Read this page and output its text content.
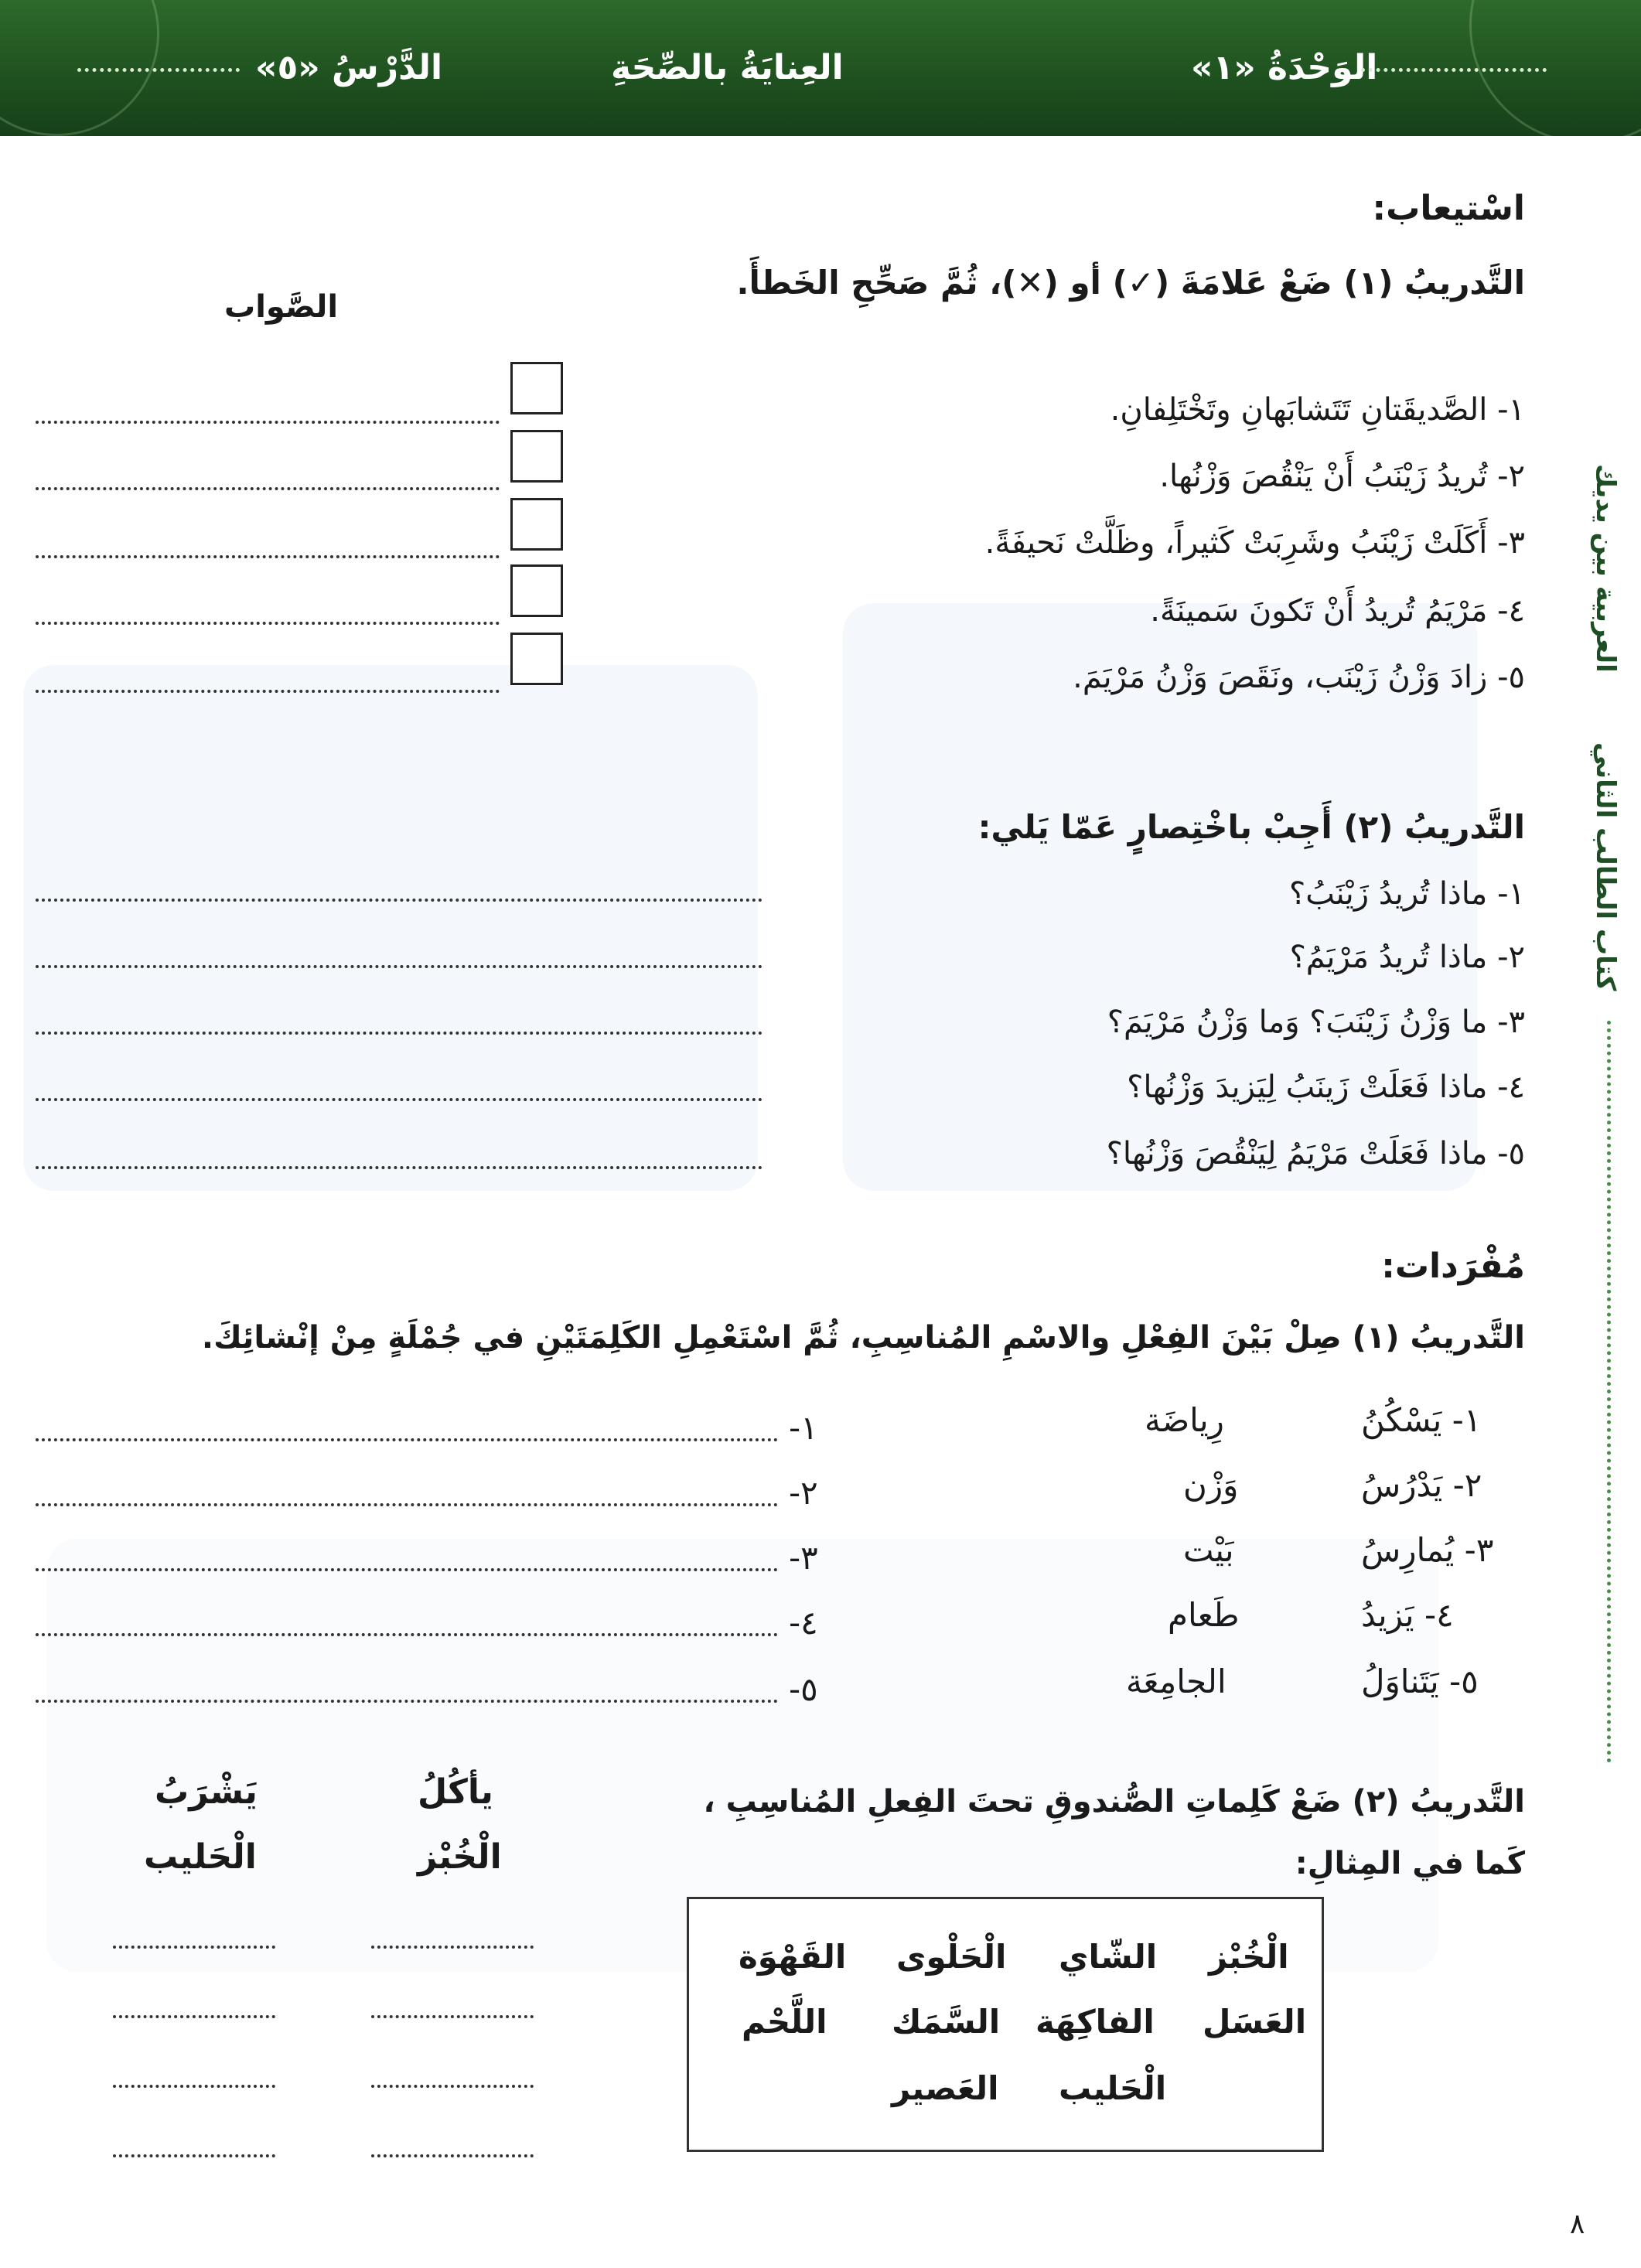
الدَّرْسُ «٥»	العِنايَةُ بالصِّحَةِ	الوَحْدَةُ «١»
العربية بين يديك
كتاب الطالب الثاني
اسْتيعاب:
التَّدريبُ (١) ضَعْ عَلامَةَ (✓) أو (✕)، ثُمَّ صَحِّحِ الخَطأَ.
الصَّواب
١- الصَّديقَتانِ تَتَشابَهانِ وتَخْتَلِفانِ.
٢- تُريدُ زَيْنَبُ أَنْ يَنْقُصَ وَزْنُها.
٣- أَكَلَتْ زَيْنَبُ وشَرِبَتْ كَثيراً، وظَلَّتْ نَحيفَةً.
٤- مَرْيَمُ تُريدُ أَنْ تَكونَ سَمينَةً.
٥- زادَ وَزْنُ زَيْنَب، ونَقَصَ وَزْنُ مَرْيَمَ.
التَّدريبُ (٢) أَجِبْ باخْتِصارٍ عَمّا يَلي:
١- ماذا تُريدُ زَيْنَبُ؟
٢- ماذا تُريدُ مَرْيَمُ؟
٣- ما وَزْنُ زَيْنَبَ؟ وَما وَزْنُ مَرْيَمَ؟
٤- ماذا فَعَلَتْ زَينَبُ لِيَزيدَ وَزْنُها؟
٥- ماذا فَعَلَتْ مَرْيَمُ لِيَنْقُصَ وَزْنُها؟
مُفْرَدات:
التَّدريبُ (١) صِلْ بَيْنَ الفِعْلِ والاسْمِ المُناسِبِ، ثُمَّ اسْتَعْمِلِ الكَلِمَتَيْنِ في جُمْلَةٍ مِنْ إنْشائِكَ.
١- يَسْكُنُ
٢- يَدْرُسُ
٣- يُمارِسُ
٤- يَزيدُ
٥- يَتَناوَلُ
رِياضَة
وَزْن
بَيْت
طَعام
الجامِعَة
١-
٢-
٣-
٤-
٥-
التَّدريبُ (٢) ضَعْ كَلِماتِ الصُّندوقِ تحتَ الفِعلِ المُناسِبِ ،
كَما في المِثالِ:
يأكُلُ
الْخُبْز
يَشْرَبُ
الْحَليب
الْخُبْز
الشّاي
الْحَلْوى
القَهْوَة
العَسَل
الفاكِهَة
السَّمَك
اللَّحْم
الْحَليب
العَصير
٨
